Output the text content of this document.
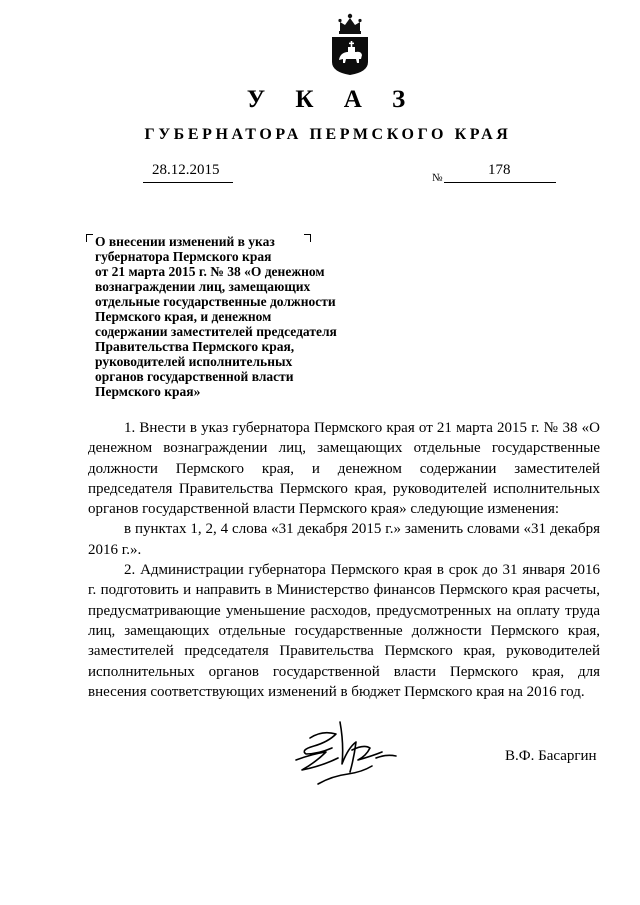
У К А З
ГУБЕРНАТОРА ПЕРМСКОГО КРАЯ
28.12.2015	№	178
О внесении изменений в указ
губернатора Пермского края
от 21 марта 2015 г. № 38 «О денежном
вознаграждении лиц, замещающих
отдельные государственные должности
Пермского края, и денежном
содержании заместителей председателя
Правительства Пермского края,
руководителей исполнительных
органов государственной власти
Пермского края»

1. Внести в указ губернатора Пермского края от 21 марта 2015 г. № 38 «О денежном вознаграждении лиц, замещающих отдельные государственные должности Пермского края, и денежном содержании заместителей председателя Правительства Пермского края, руководителей исполнительных органов государственной власти Пермского края» следующие изменения:

в пунктах 1, 2, 4 слова «31 декабря 2015 г.» заменить словами «31 декабря 2016 г.».

2. Администрации губернатора Пермского края в срок до 31 января 2016 г. подготовить и направить в Министерство финансов Пермского края расчеты, предусматривающие уменьшение расходов, предусмотренных на оплату труда лиц, замещающих отдельные государственные должности Пермского края, заместителей председателя Правительства Пермского края, руководителей исполнительных органов государственной власти Пермского края, для внесения соответствующих изменений в бюджет Пермского края на 2016 год.

В.Ф. Басаргин
